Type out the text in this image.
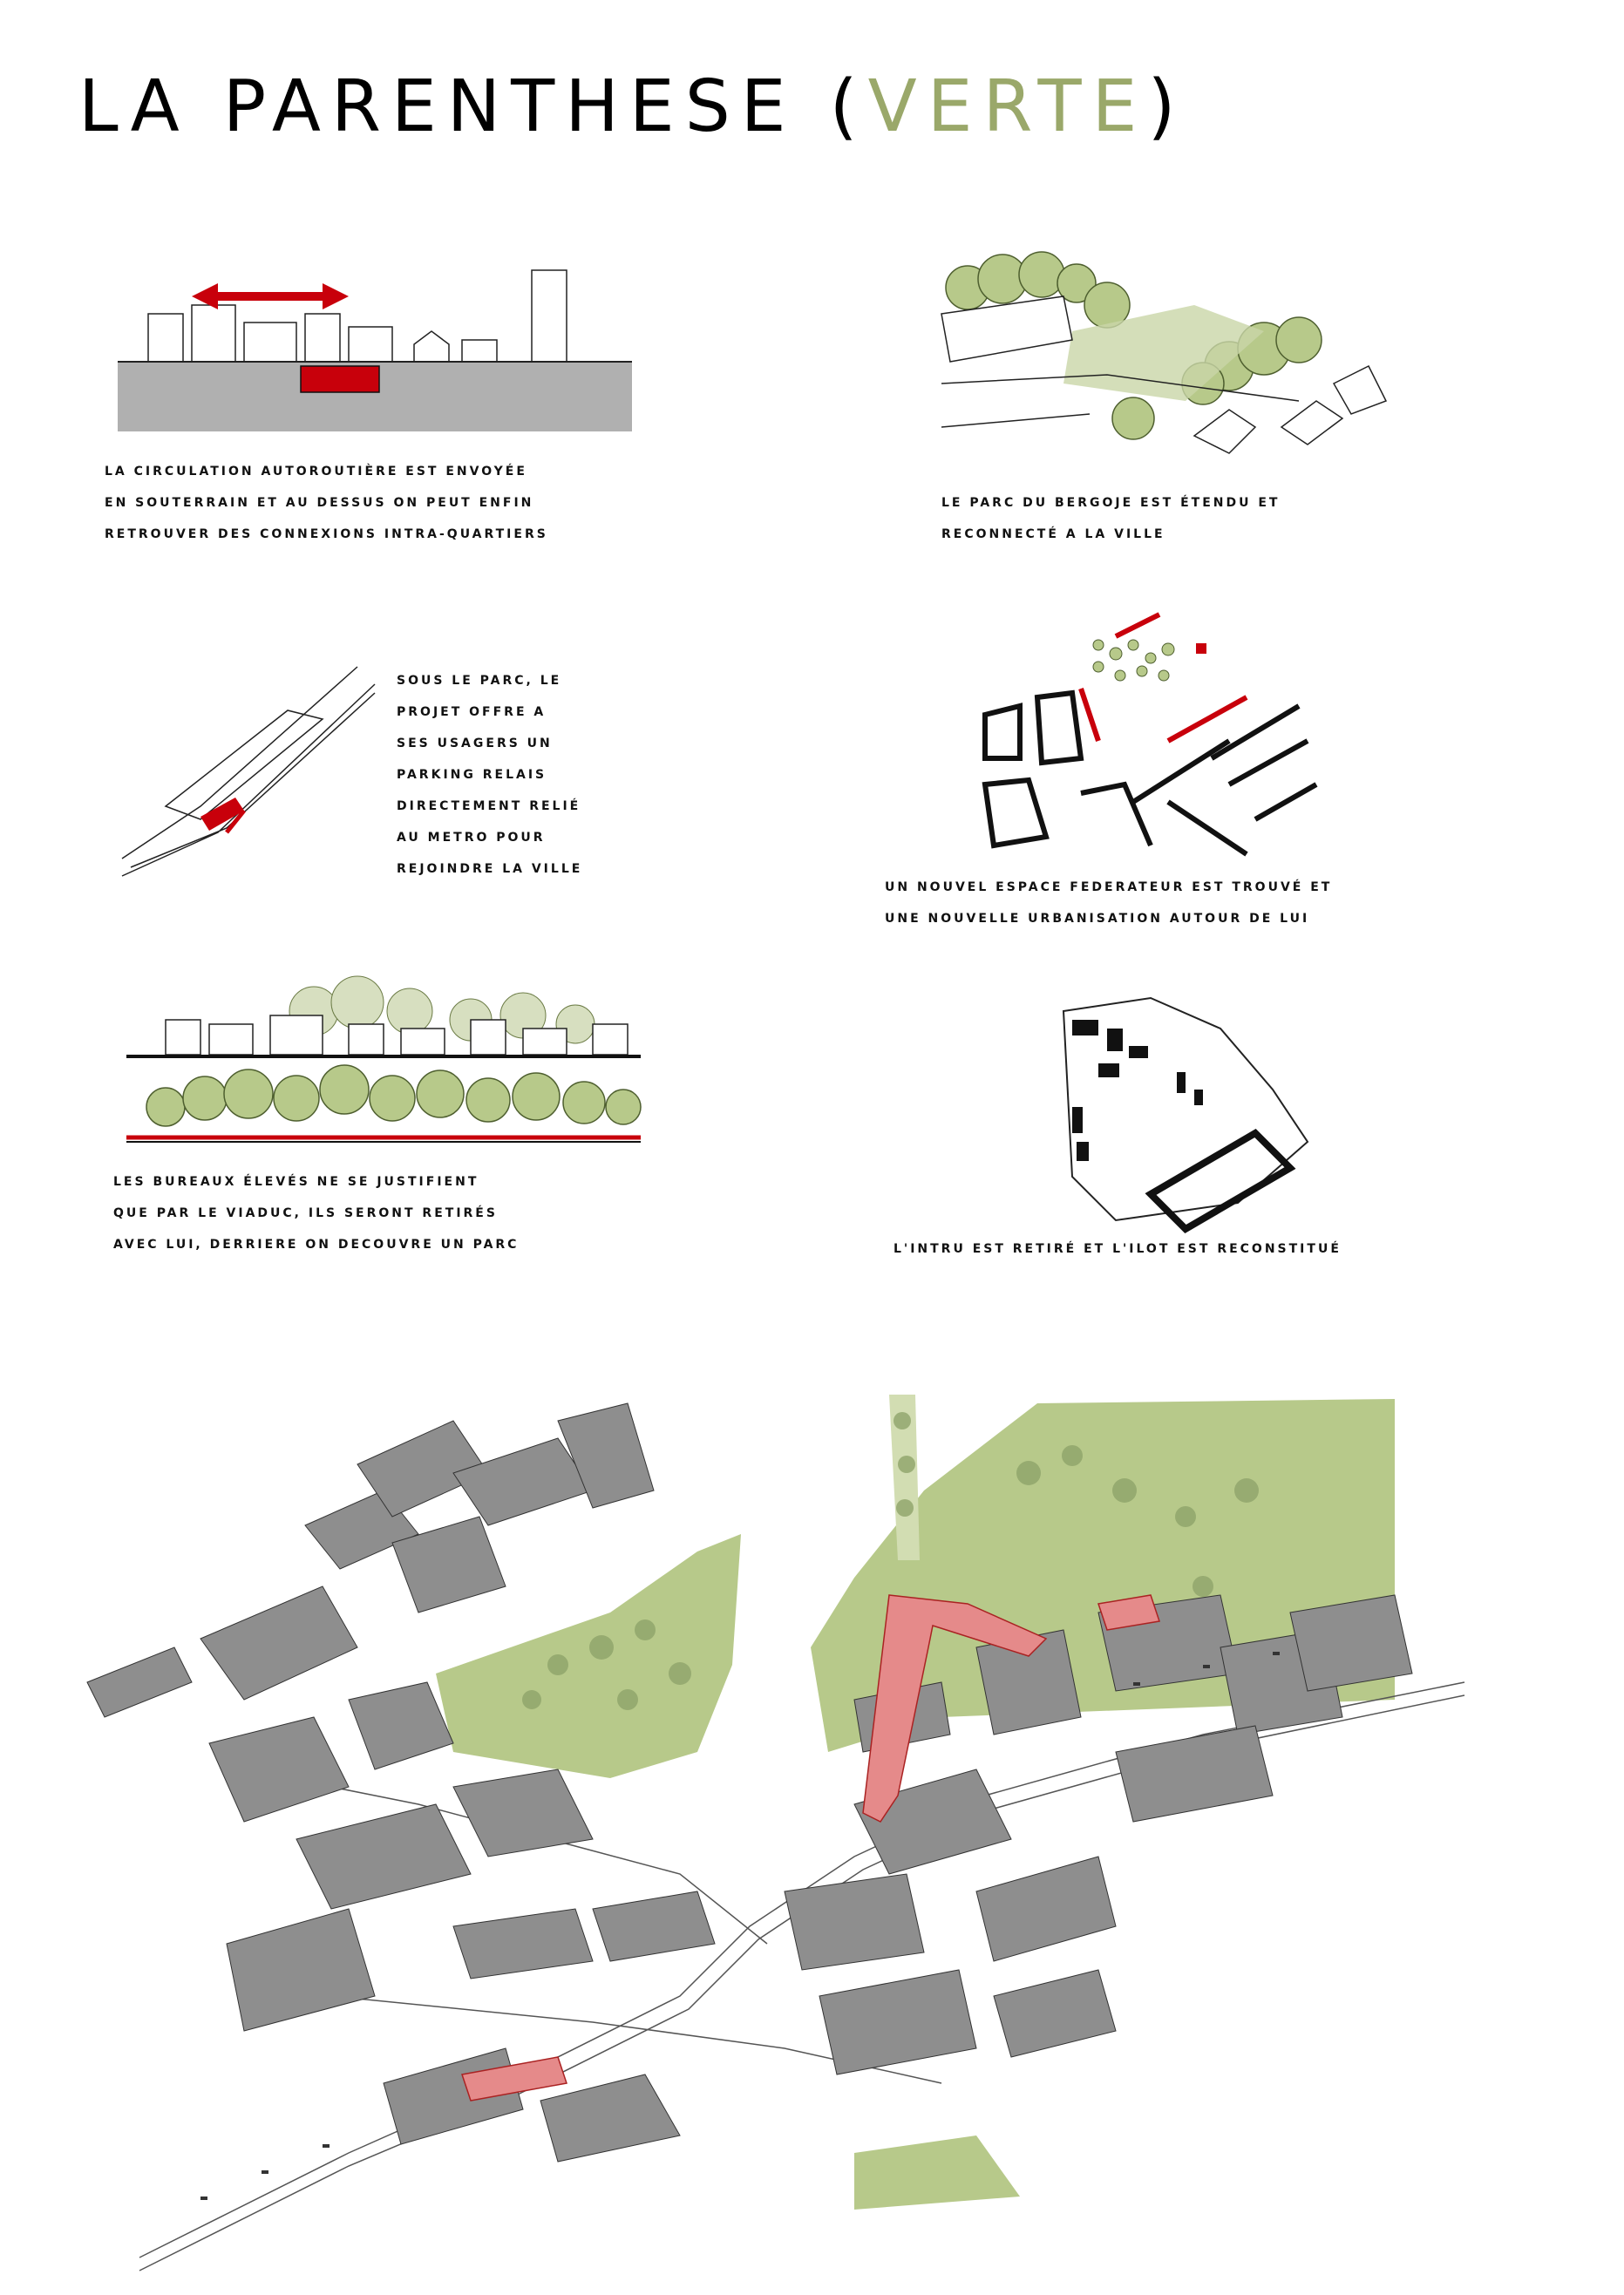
LA PARENTHESE (VERTE)
la circulation autoroutière est envoyée
en souterrain et au dessus on peut enfin
retrouver des connexions intra-quartiers
le parc du bergoje est étendu et
reconnecté a la ville
sous le parc, le
projet offre a
ses usagers un
parking relais
directement relié
au metro pour
rejoindre la ville
un nouvel espace federateur est trouvé et
une nouvelle urbanisation autour de lui
les bureaux élevés ne se justifient
que par le viaduc, ils seront retirés
avec lui, derriere on decouvre un parc	l'intru est retiré et l'ilot est reconstitué
